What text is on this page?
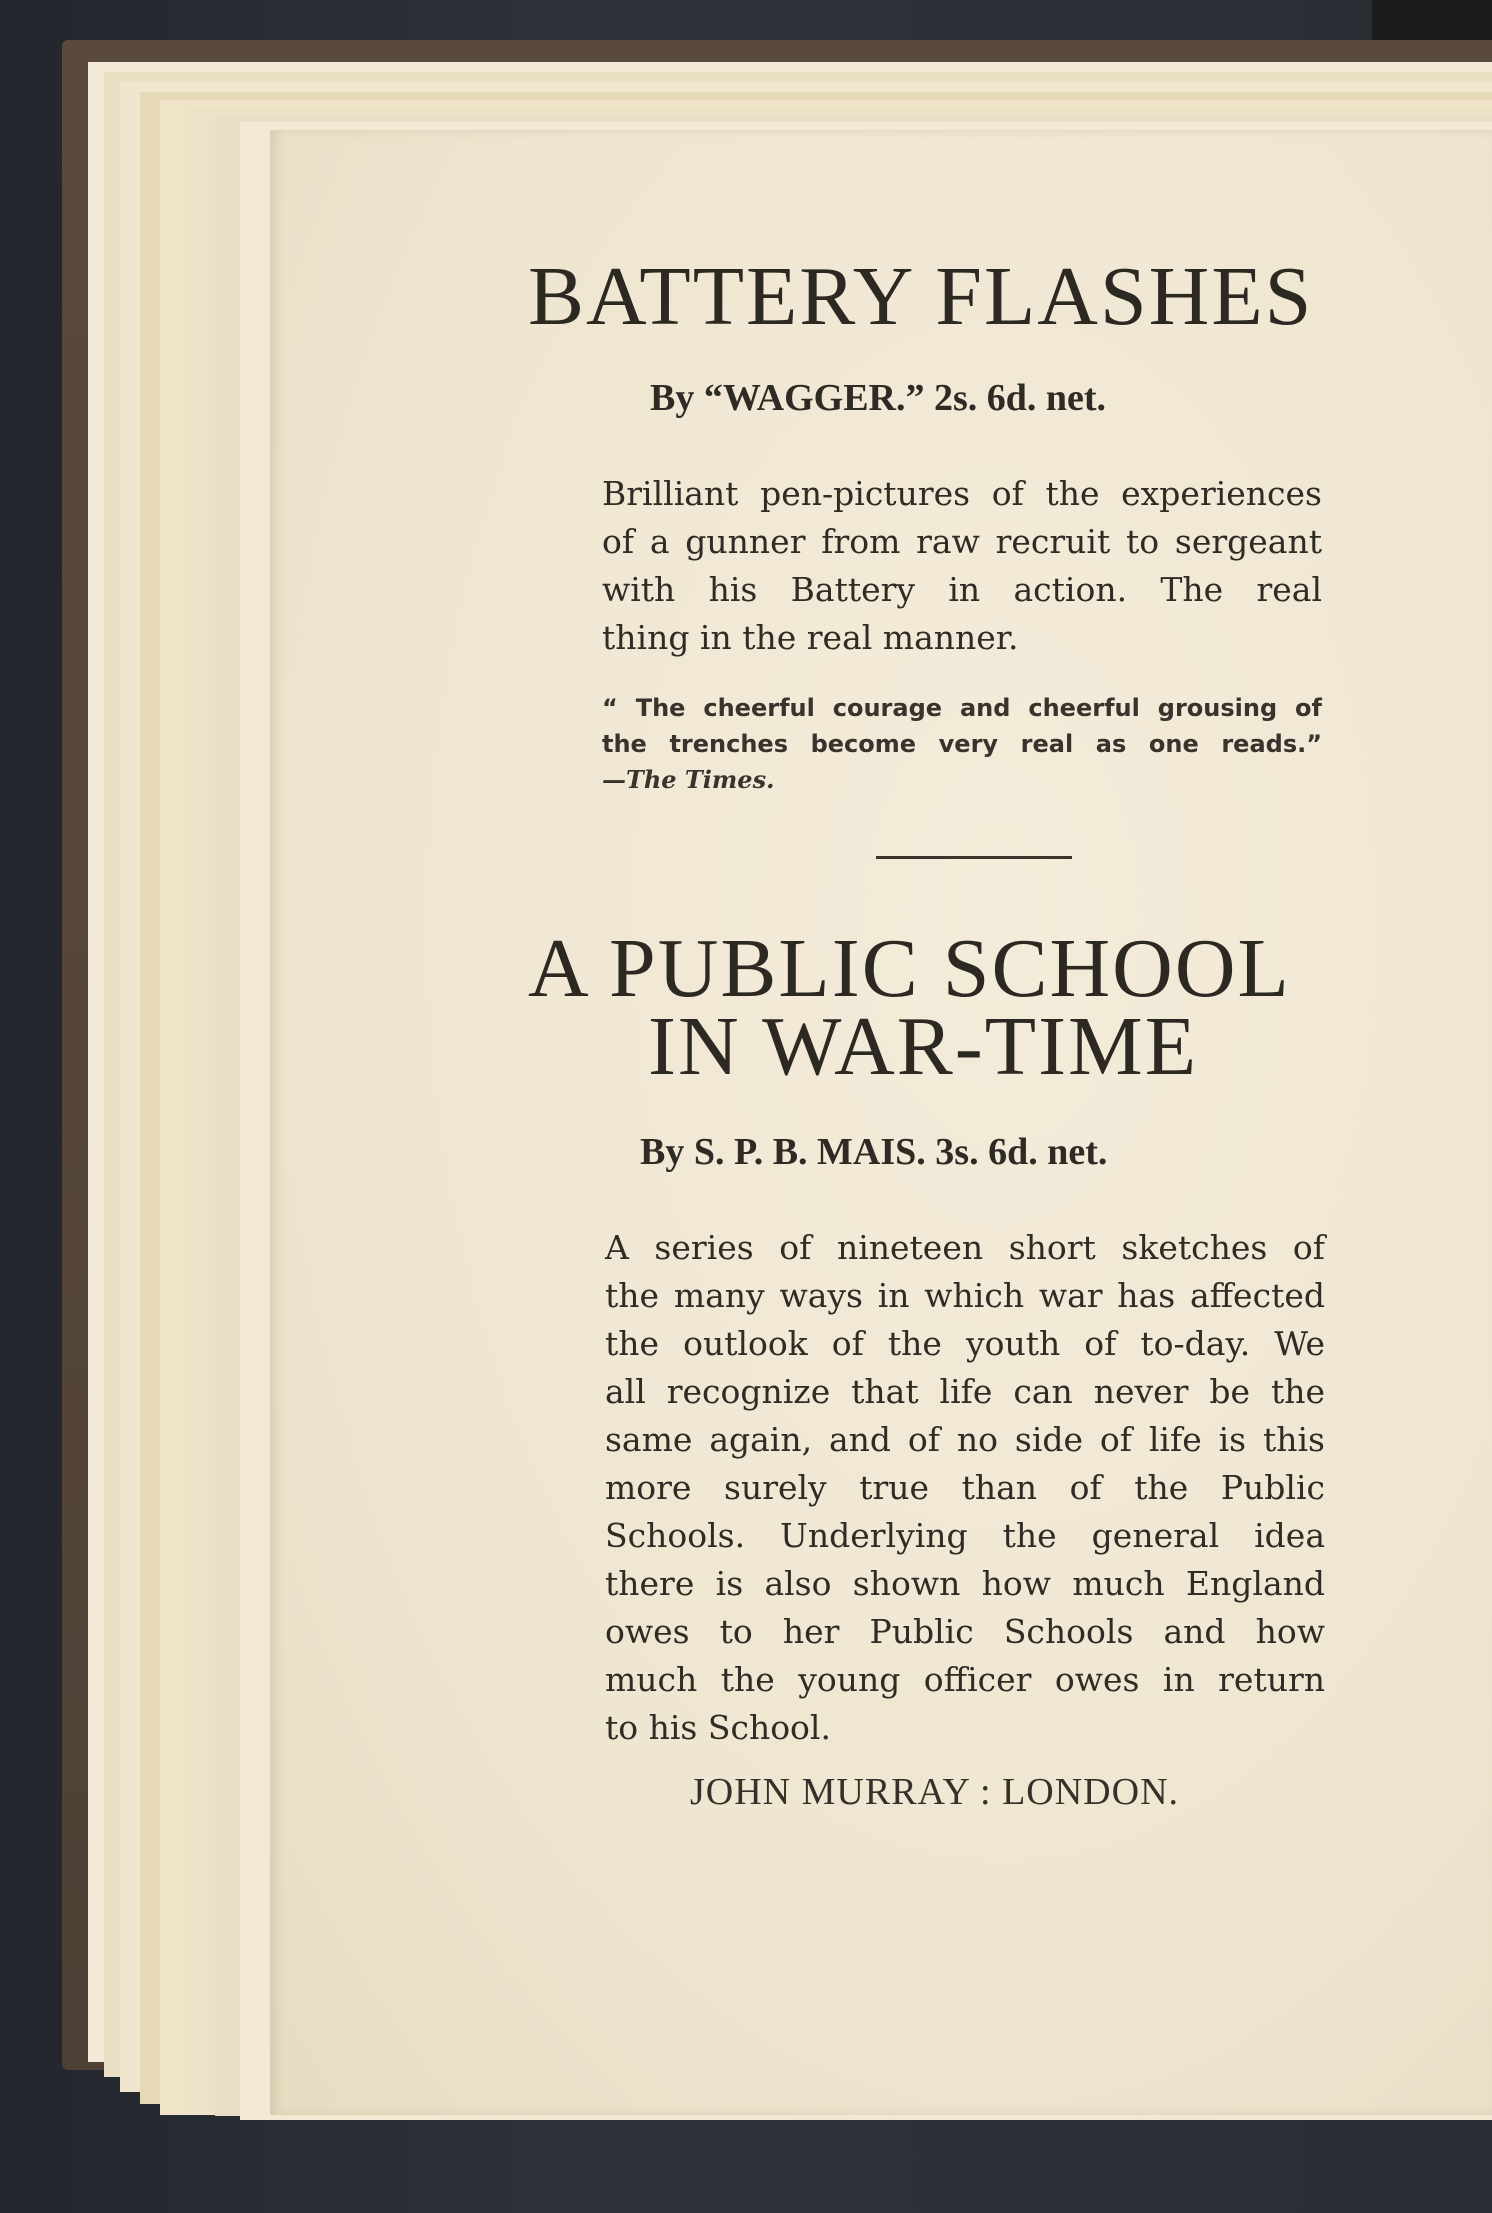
BATTERY FLASHES
By “WAGGER.” 2s. 6d. net.
Brilliant pen-pictures of the experiences
of a gunner from raw recruit to sergeant
with his Battery in action. The real
thing in the real manner.
“ The cheerful courage and cheerful grousing of
the trenches become very real as one reads.”
—The Times.
A PUBLIC SCHOOL
IN WAR-TIME
By S. P. B. MAIS. 3s. 6d. net.
A series of nineteen short sketches of
the many ways in which war has affected
the outlook of the youth of to-day. We
all recognize that life can never be the
same again, and of no side of life is this
more surely true than of the Public
Schools. Underlying the general idea
there is also shown how much England
owes to her Public Schools and how
much the young officer owes in return
to his School.
JOHN MURRAY : LONDON.
